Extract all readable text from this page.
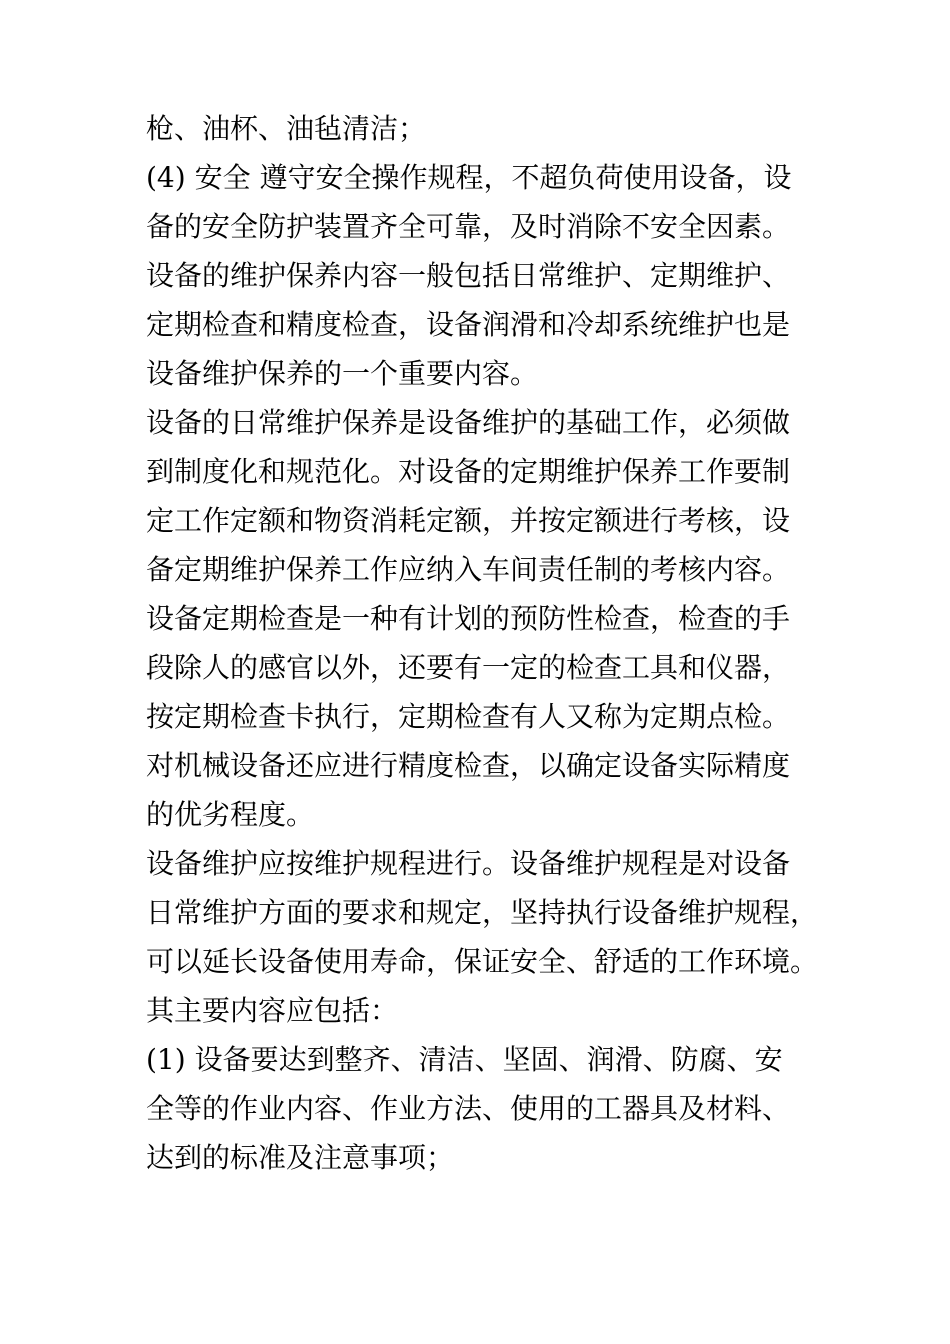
枪、油杯、油毡清洁；
(4) 安全 遵守安全操作规程，不超负荷使用设备，设
备的安全防护装置齐全可靠，及时消除不安全因素。
设备的维护保养内容一般包括日常维护、定期维护、
定期检查和精度检查，设备润滑和冷却系统维护也是
设备维护保养的一个重要内容。
设备的日常维护保养是设备维护的基础工作，必须做
到制度化和规范化。对设备的定期维护保养工作要制
定工作定额和物资消耗定额，并按定额进行考核，设
备定期维护保养工作应纳入车间责任制的考核内容。
设备定期检查是一种有计划的预防性检查，检查的手
段除人的感官以外，还要有一定的检查工具和仪器，
按定期检查卡执行，定期检查有人又称为定期点检。
对机械设备还应进行精度检查，以确定设备实际精度
的优劣程度。
设备维护应按维护规程进行。设备维护规程是对设备
日常维护方面的要求和规定，坚持执行设备维护规程，
可以延长设备使用寿命，保证安全、舒适的工作环境。
其主要内容应包括：
(1) 设备要达到整齐、清洁、坚固、润滑、防腐、安
全等的作业内容、作业方法、使用的工器具及材料、
达到的标准及注意事项；
